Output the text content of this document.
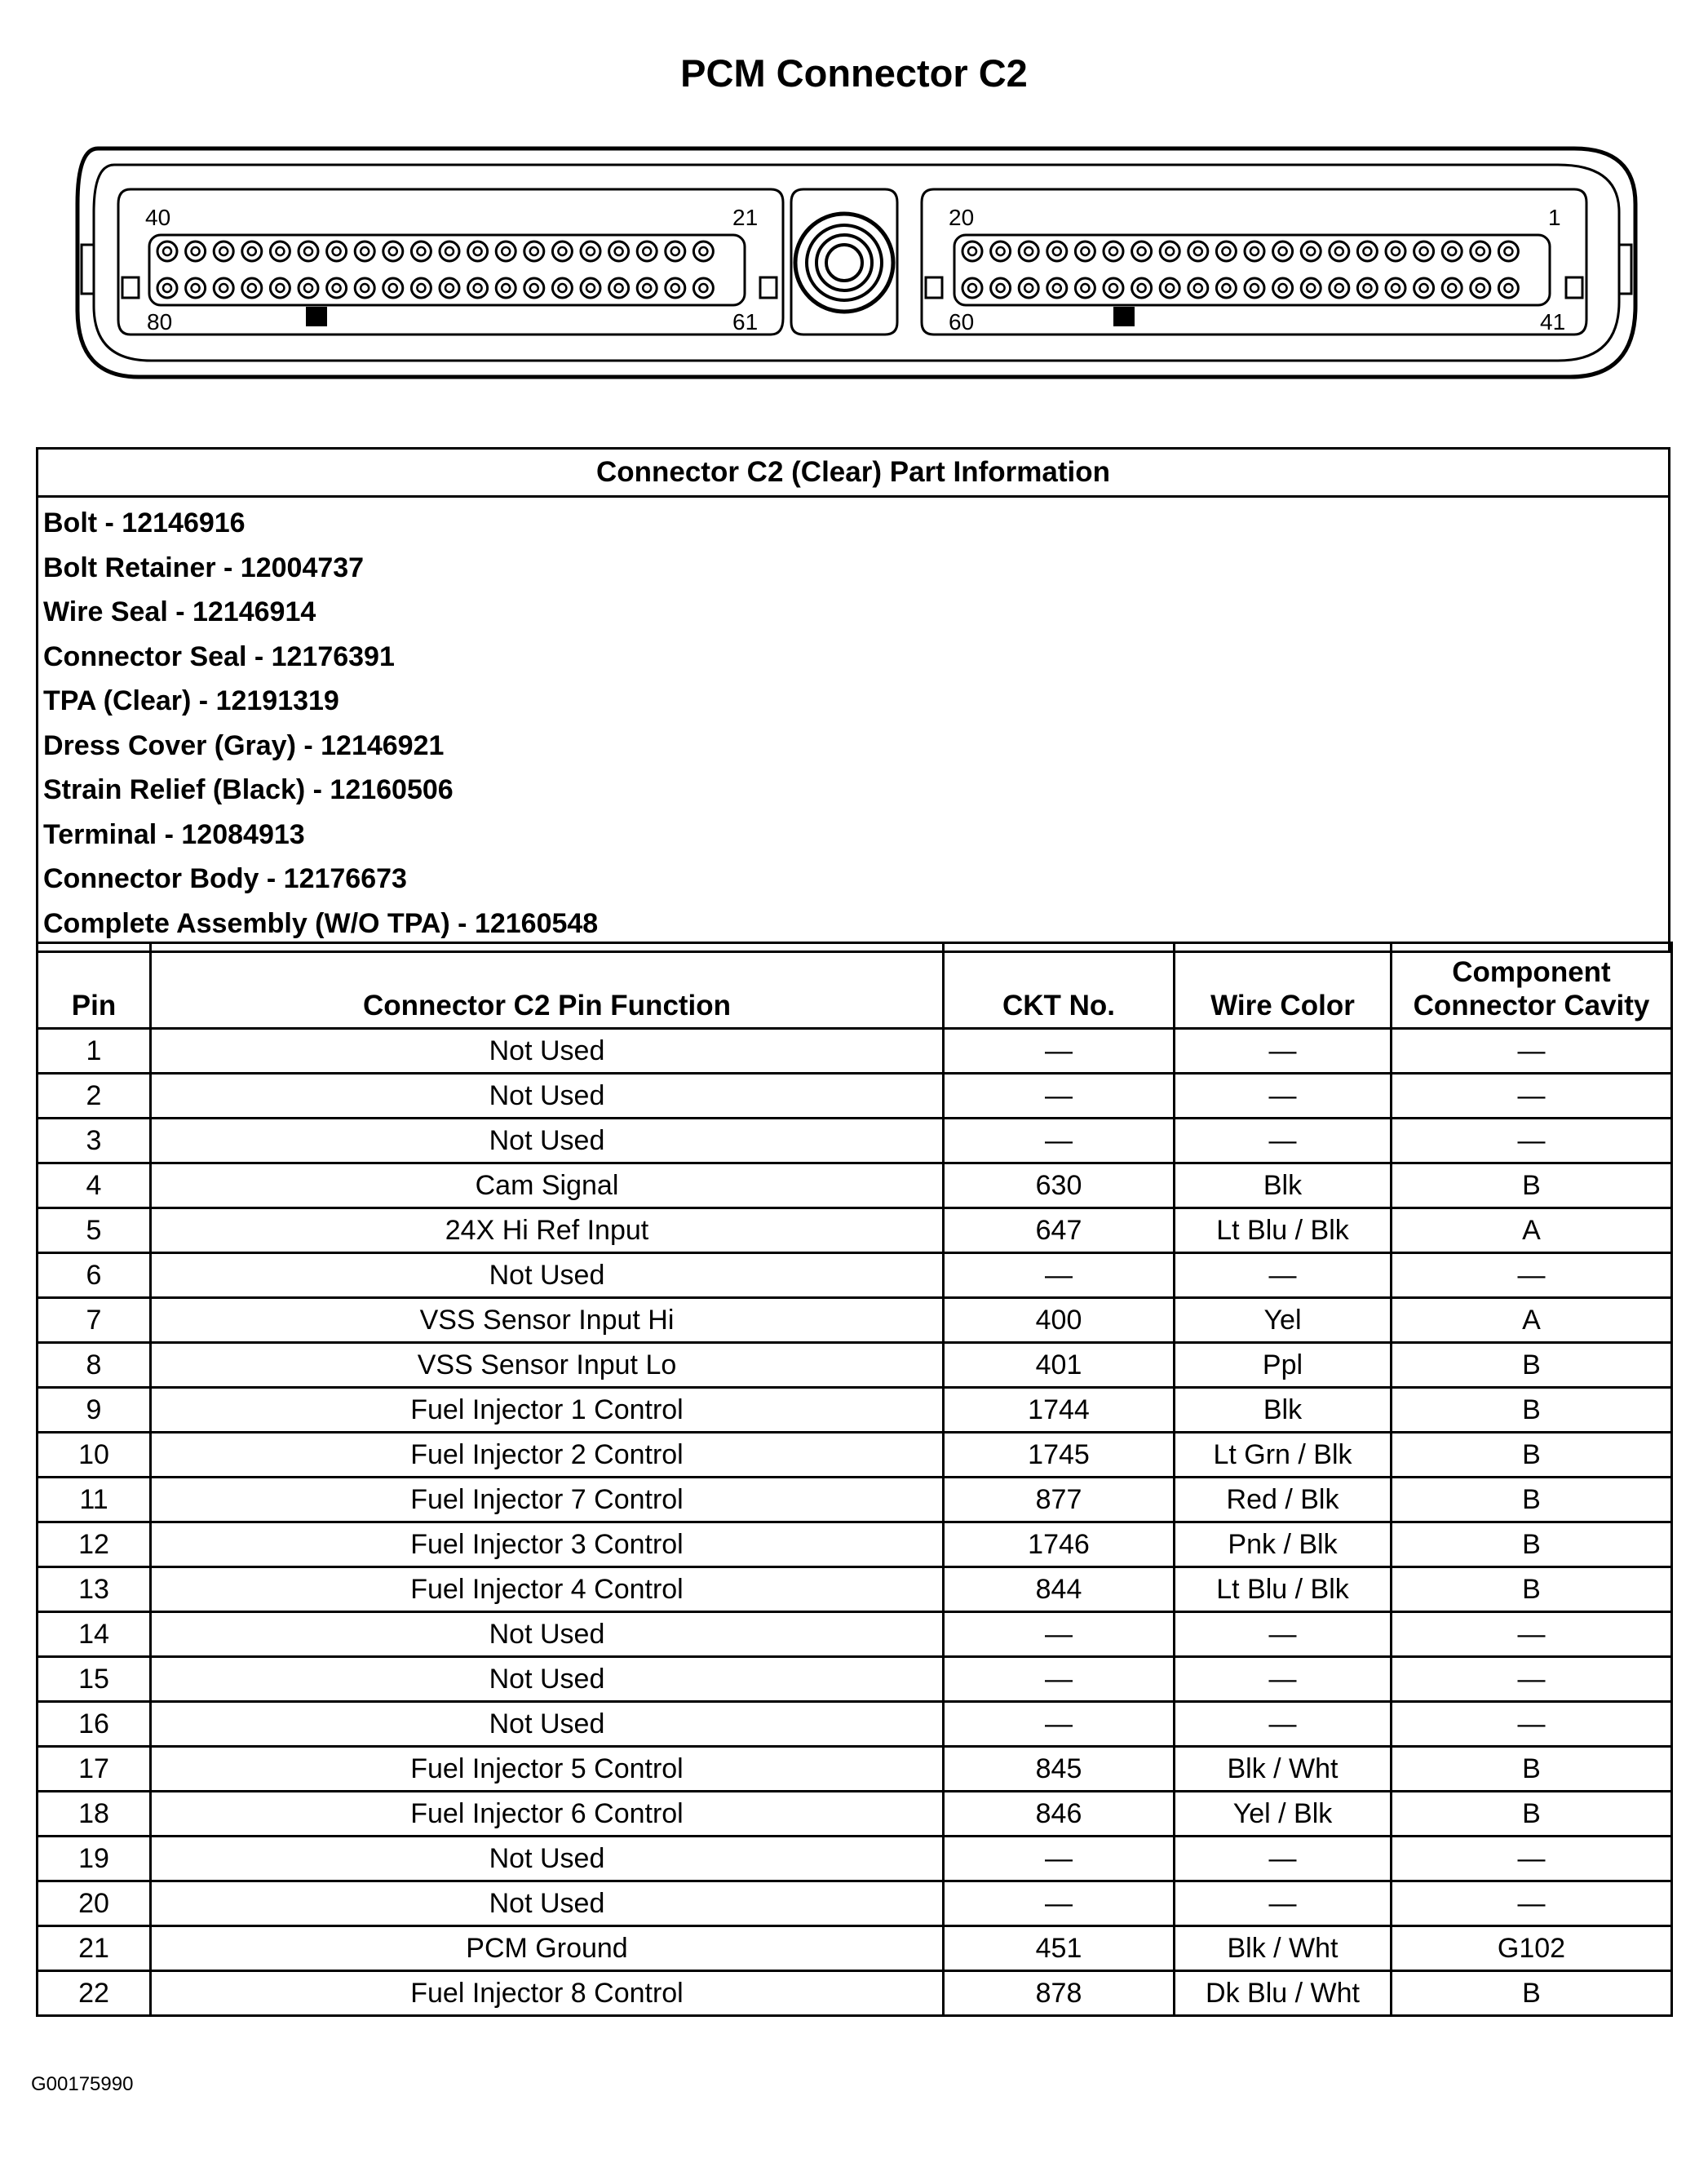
PCM Connector C2
40	21
80	61
20	1
60	41
Connector C2 (Clear) Part Information

Bolt - 12146916
Bolt Retainer - 12004737
Wire Seal - 12146914
Connector Seal - 12176391
TPA (Clear) - 12191319
Dress Cover (Gray) - 12146921
Strain Relief (Black) - 12160506
Terminal - 12084913
Connector Body - 12176673
Complete Assembly (W/O TPA) - 12160548
Pin	Connector C2 Pin Function	CKT No.	Wire Color	Component
Connector Cavity
1	Not Used	—	—	—
2	Not Used	—	—	—
3	Not Used	—	—	—
4	Cam Signal	630	Blk	B
5	24X Hi Ref Input	647	Lt Blu / Blk	A
6	Not Used	—	—	—
7	VSS Sensor Input Hi	400	Yel	A
8	VSS Sensor Input Lo	401	Ppl	B
9	Fuel Injector 1 Control	1744	Blk	B
10	Fuel Injector 2 Control	1745	Lt Grn / Blk	B
11	Fuel Injector 7 Control	877	Red / Blk	B
12	Fuel Injector 3 Control	1746	Pnk / Blk	B
13	Fuel Injector 4 Control	844	Lt Blu / Blk	B
14	Not Used	—	—	—
15	Not Used	—	—	—
16	Not Used	—	—	—
17	Fuel Injector 5 Control	845	Blk / Wht	B
18	Fuel Injector 6 Control	846	Yel / Blk	B
19	Not Used	—	—	—
20	Not Used	—	—	—
21	PCM Ground	451	Blk / Wht	G102
22	Fuel Injector 8 Control	878	Dk Blu / Wht	B
G00175990
